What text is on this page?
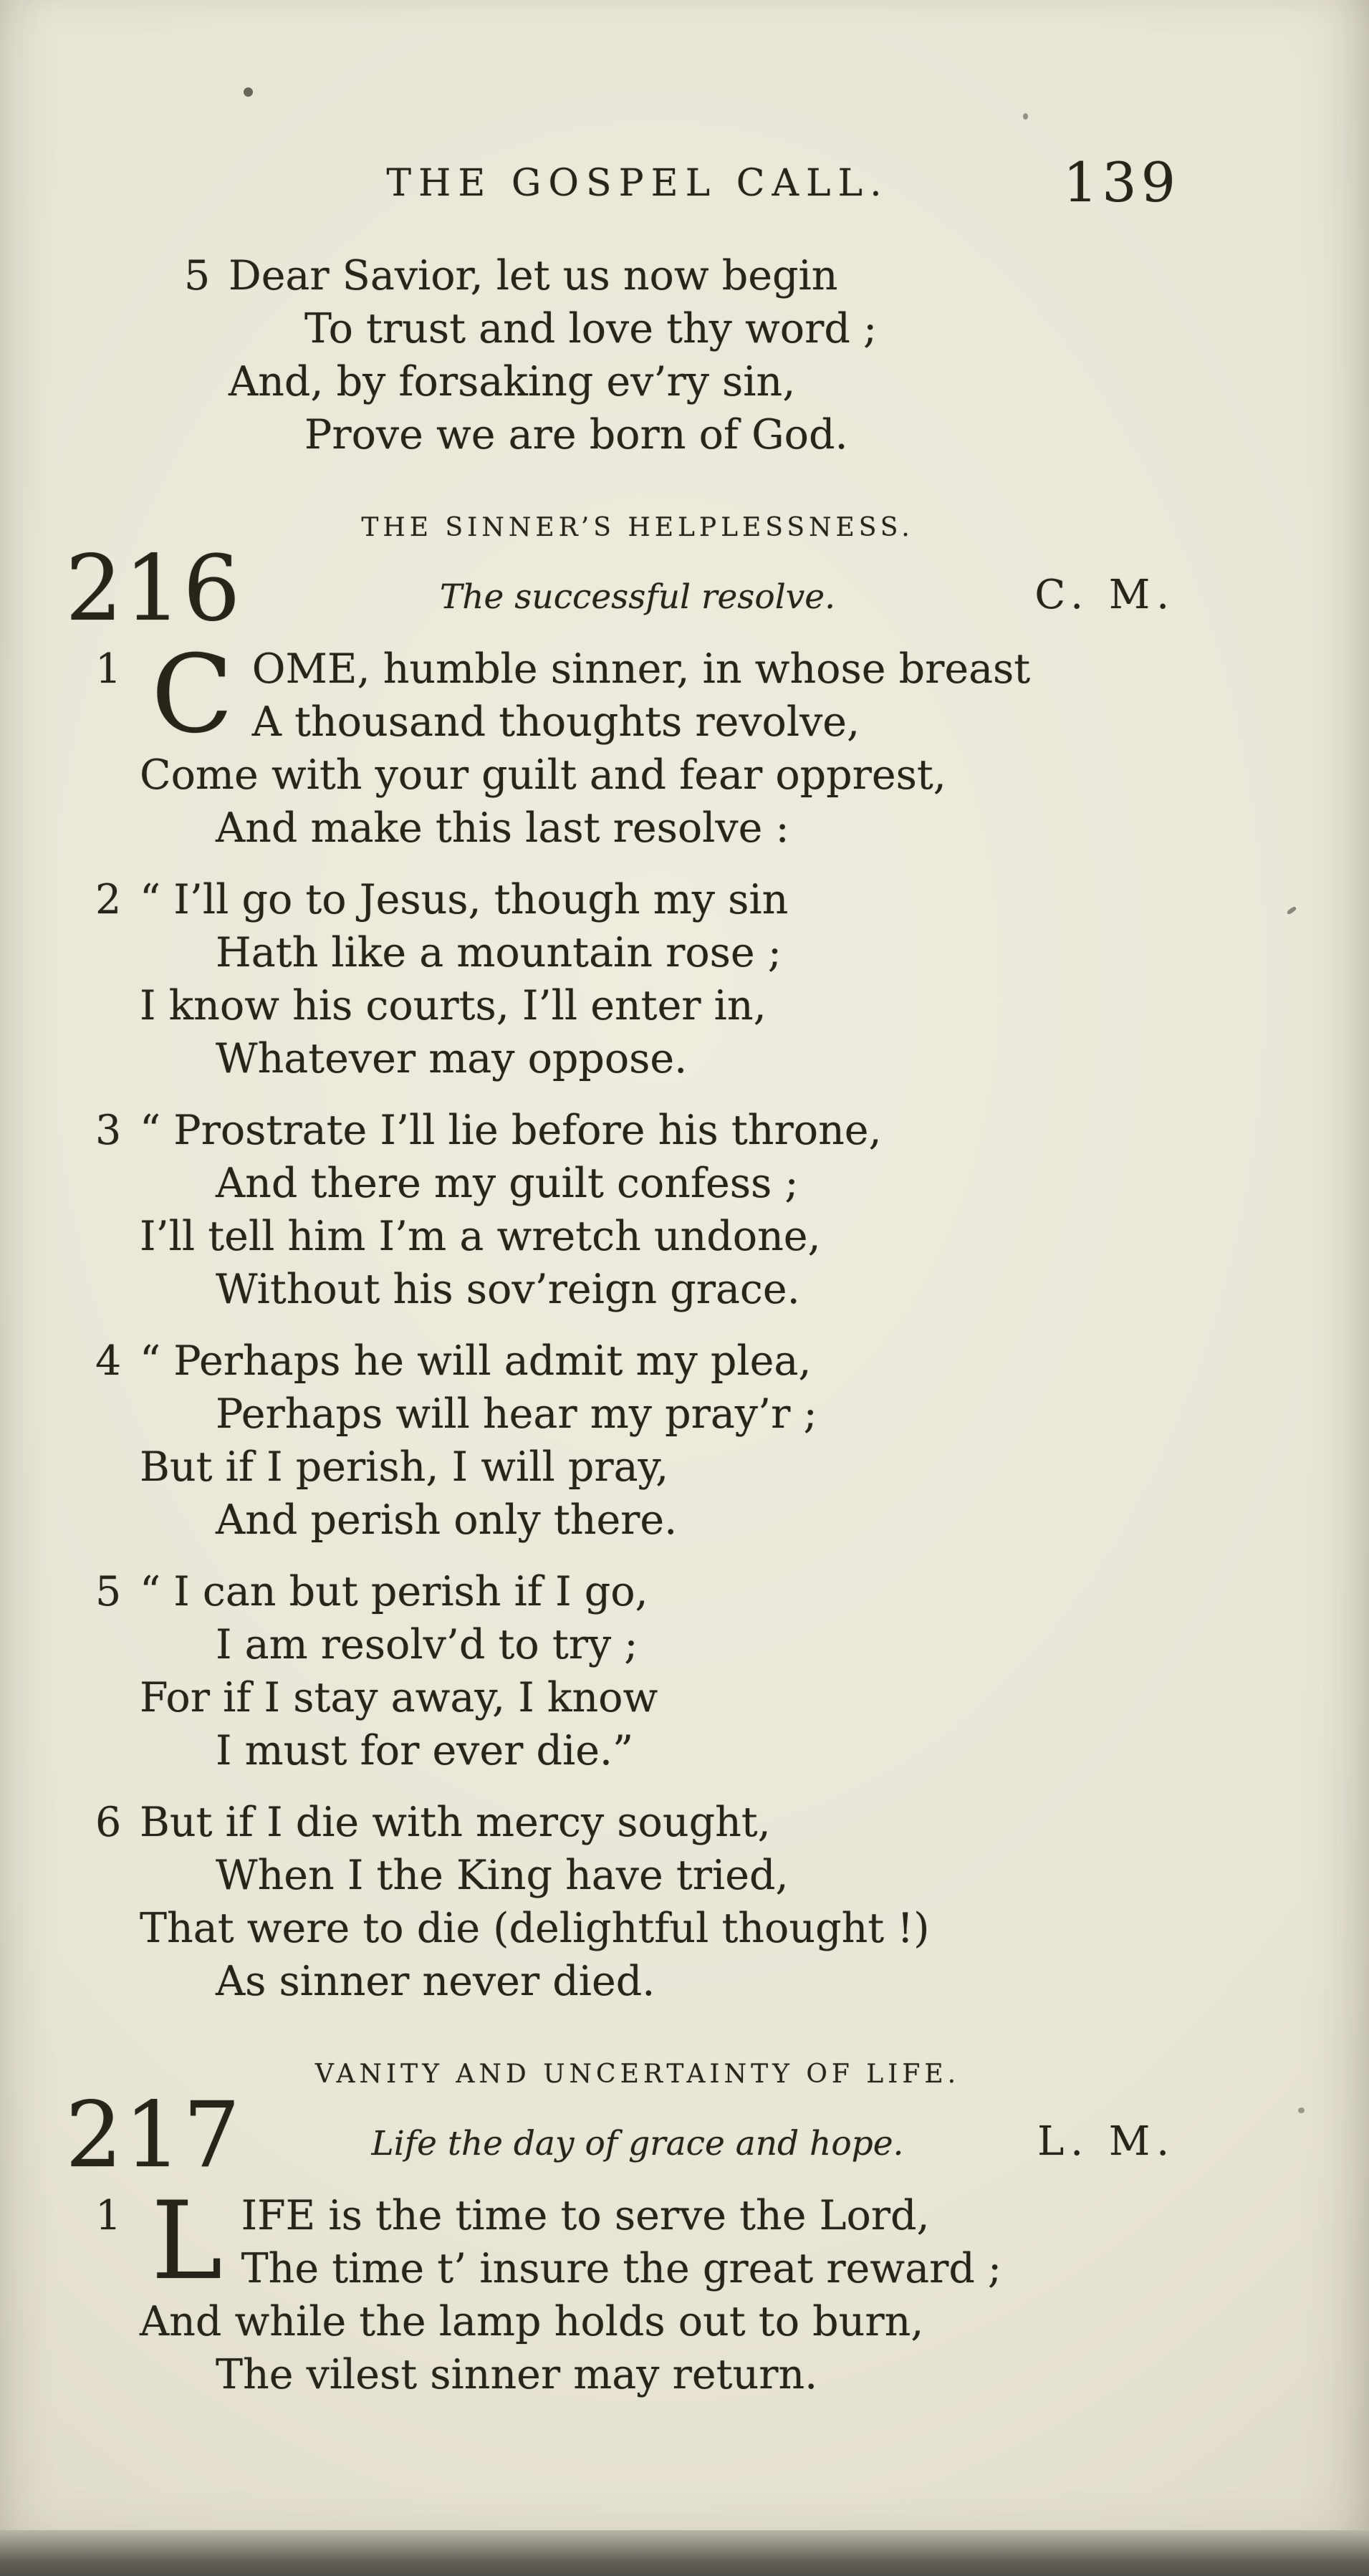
THE GOSPEL CALL.	139
5 Dear Savior, let us now begin
To trust and love thy word ;
And, by forsaking ev’ry sin,
Prove we are born of God.
THE SINNER’S HELPLESSNESS.
216	The successful resolve.	C. M.
1 C OME, humble sinner, in whose breast
A thousand thoughts revolve,
Come with your guilt and fear opprest,
And make this last resolve :
2 “ I’ll go to Jesus, though my sin
Hath like a mountain rose ;
I know his courts, I’ll enter in,
Whatever may oppose.
3 “ Prostrate I’ll lie before his throne,
And there my guilt confess ;
I’ll tell him I’m a wretch undone,
Without his sov’reign grace.
4 “ Perhaps he will admit my plea,
Perhaps will hear my pray’r ;
But if I perish, I will pray,
And perish only there.
5 “ I can but perish if I go,
I am resolv’d to try ;
For if I stay away, I know
I must for ever die.”
6 But if I die with mercy sought,
When I the King have tried,
That were to die (delightful thought !)
As sinner never died.
VANITY AND UNCERTAINTY OF LIFE.
217	Life the day of grace and hope.	L. M.
1 L IFE is the time to serve the Lord,
The time t’ insure the great reward ;
And while the lamp holds out to burn,
The vilest sinner may return.
